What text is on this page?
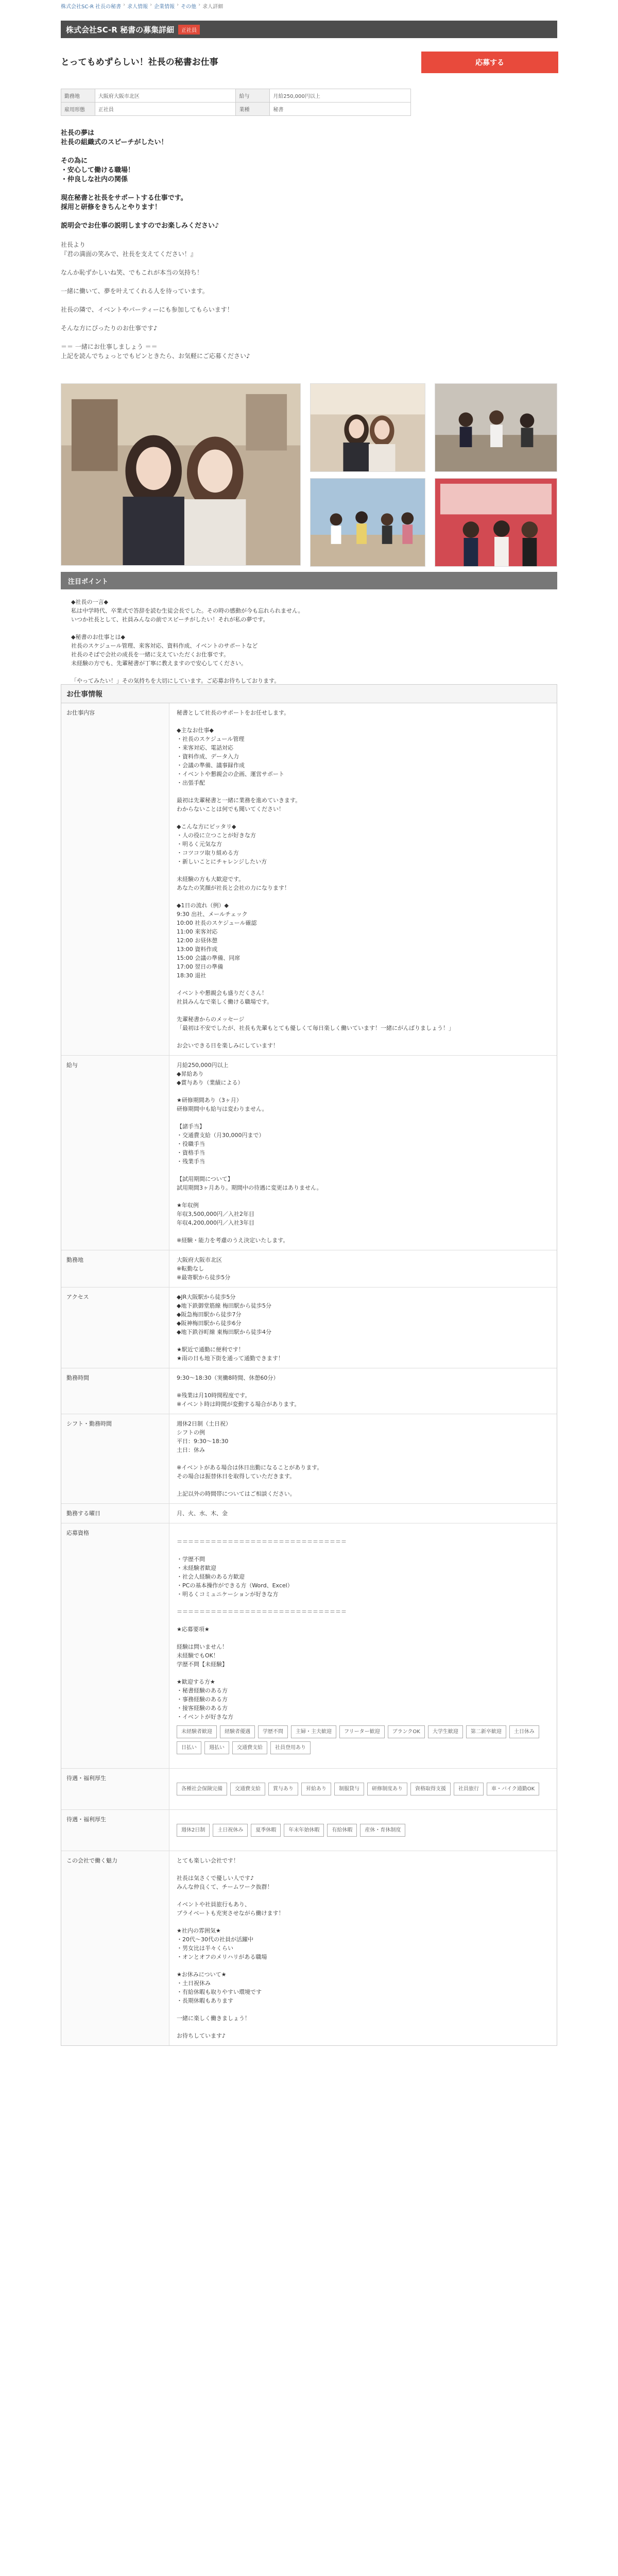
株式会社SC-R 社長の秘書 › 求人情報 › 企業情報 › その他 › 求人詳細
株式会社SC-R 秘書の募集詳細	正社員
とってもめずらしい！社長の秘書お仕事	応募する
勤務地	大阪府大阪市北区	給与	月給250,000円以上
雇用形態	正社員	業種	秘書
社長の夢は
社長の組織式のスピーチがしたい！

その為に
・安心して働ける職場！
・仲良しな社内の関係

現在秘書と社長をサポートする仕事です。
採用と研修をきちんとやります！

説明会でお仕事の説明しますのでお楽しみください♪

社長より
『君の満面の笑みで、社長を支えてください！』

なんか恥ずかしいね笑、でもこれが本当の気持ち！

一緒に働いて、夢を叶えてくれる人を待っています。

社長の隣で、イベントやパーティーにも参加してもらいます！

そんな方にぴったりのお仕事です♪

＝＝ 一緒にお仕事しましょう ＝＝
上記を読んでちょっとでもピンときたら、お気軽にご応募ください♪
注目ポイント
◆社長の一言◆
私は中学時代、卒業式で答辞を読む生徒会長でした。その時の感動が今も忘れられません。
いつか社長として、社員みんなの前でスピーチがしたい！それが私の夢です。

◆秘書のお仕事とは◆
社長のスケジュール管理、来客対応、資料作成、イベントのサポートなど
社長のそばで会社の成長を一緒に支えていただくお仕事です。
未経験の方でも、先輩秘書が丁寧に教えますので安心してください。

「やってみたい！」その気持ちを大切にしています。ご応募お待ちしております。
お仕事情報
お仕事内容	秘書として社長のサポートをお任せします。

◆主なお仕事◆
・社長のスケジュール管理
・来客対応、電話対応
・資料作成、データ入力
・会議の準備、議事録作成
・イベントや懇親会の企画、運営サポート
・出張手配

最初は先輩秘書と一緒に業務を進めていきます。
わからないことは何でも聞いてください！

◆こんな方にピッタリ◆
・人の役に立つことが好きな方
・明るく元気な方
・コツコツ取り組める方
・新しいことにチャレンジしたい方

未経験の方も大歓迎です。
あなたの笑顔が社長と会社の力になります！

◆1日の流れ（例）◆
9:30 出社、メールチェック
10:00 社長のスケジュール確認
11:00 来客対応
12:00 お昼休憩
13:00 資料作成
15:00 会議の準備、同席
17:00 翌日の準備
18:30 退社

イベントや懇親会も盛りだくさん！
社員みんなで楽しく働ける職場です。

先輩秘書からのメッセージ
「最初は不安でしたが、社長も先輩もとても優しくて毎日楽しく働いています！一緒にがんばりましょう！」

お会いできる日を楽しみにしています！
給与	月給250,000円以上
◆昇給あり
◆賞与あり（業績による）

★研修期間あり（3ヶ月）
研修期間中も給与は変わりません。

【諸手当】
・交通費支給（月30,000円まで）
・役職手当
・資格手当
・残業手当

【試用期間について】
試用期間3ヶ月あり。期間中の待遇に変更はありません。

★年収例
年収3,500,000円／入社2年目
年収4,200,000円／入社3年目

※経験・能力を考慮のうえ決定いたします。
勤務地	大阪府大阪市北区
※転勤なし
※最寄駅から徒歩5分
アクセス	◆JR大阪駅から徒歩5分
◆地下鉄御堂筋線 梅田駅から徒歩5分
◆阪急梅田駅から徒歩7分
◆阪神梅田駅から徒歩6分
◆地下鉄谷町線 東梅田駅から徒歩4分

★駅近で通勤に便利です！
★雨の日も地下街を通って通勤できます！
勤務時間	9:30～18:30（実働8時間、休憩60分）

※残業は月10時間程度です。
※イベント時は時間が変動する場合があります。
シフト・勤務時間	週休2日制（土日祝）
シフトの例
平日：9:30～18:30
土日：休み

※イベントがある場合は休日出勤になることがあります。
その場合は振替休日を取得していただきます。

上記以外の時間帯についてはご相談ください。
勤務する曜日	月、火、水、木、金
応募資格

＝＝＝＝＝＝＝＝＝＝＝＝＝＝＝＝＝＝＝＝＝＝＝＝＝＝＝＝＝＝

・学歴不問
・未経験者歓迎
・社会人経験のある方歓迎
・PCの基本操作ができる方（Word、Excel）
・明るくコミュニケーションが好きな方

＝＝＝＝＝＝＝＝＝＝＝＝＝＝＝＝＝＝＝＝＝＝＝＝＝＝＝＝＝＝

★応募要項★

経験は問いません！
未経験でもOK！
学歴不問【未経験】

★歓迎する方★
・秘書経験のある方
・事務経験のある方
・接客経験のある方
・イベントが好きな方

未経験者歓迎	経験者優遇	学歴不問	主婦・主夫歓迎	フリーター歓迎	ブランクOK	大学生歓迎	第二新卒歓迎	土日休み
日払い	週払い	交通費支給	社員登用あり

待遇・福利厚生

各種社会保険完備	交通費支給	賞与あり	昇給あり	制服貸与	研修制度あり	資格取得支援	社員旅行	車・バイク通勤OK

待遇・福利厚生

週休2日制	土日祝休み	夏季休暇	年末年始休暇	有給休暇	産休・育休制度

この会社で働く魅力	とても楽しい会社です！

社長は気さくで優しい人です♪
みんな仲良くて、チームワーク抜群！

イベントや社員旅行もあり、
プライベートも充実させながら働けます！

★社内の雰囲気★
・20代～30代の社員が活躍中
・男女比は半々くらい
・オンとオフのメリハリがある職場

★お休みについて★
・土日祝休み
・有給休暇も取りやすい環境です
・長期休暇もあります

一緒に楽しく働きましょう！

お待ちしています♪
